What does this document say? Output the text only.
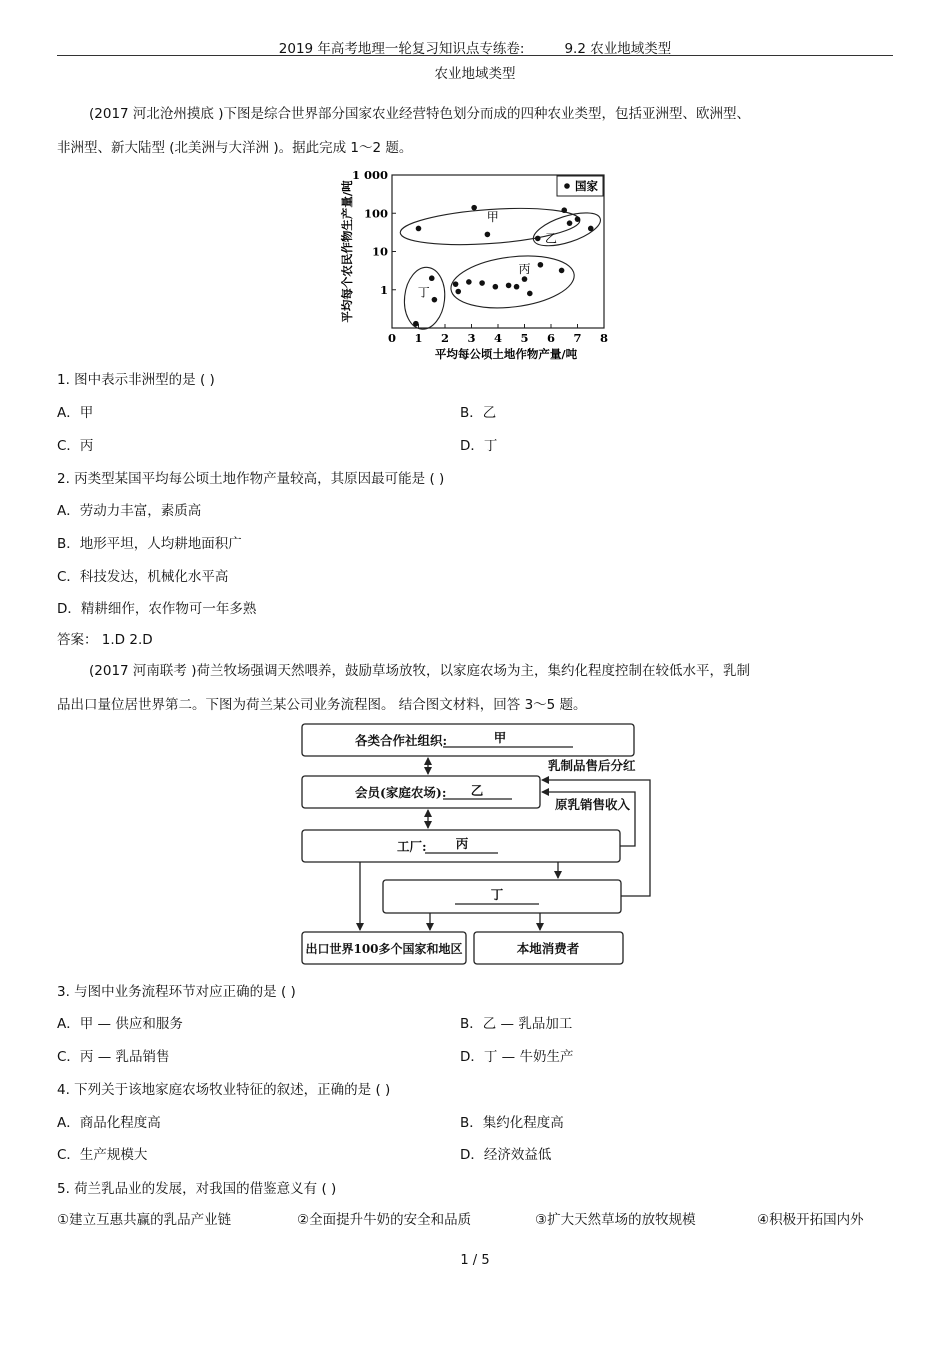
2019 年高考地理一轮复习知识点专练卷:	9.2 农业地域类型
农业地域类型
(2017 河北沧州摸底 )下图是综合世界部分国家农业经营特色划分而成的四种农业类型，包括亚洲型、欧洲型、
非洲型、新大陆型 (北美洲与大洋洲 )。据此完成 1～2 题。
0 1 2 3 4 5 6 7 8
1 000
100
10
1
平均每公顷土地作物产量/吨
平均每个农民作物生产量/吨	国家
甲
乙
丙
丁
1. 图中表示非洲型的是 ( )
A．甲	B．乙
C．丙	D．丁
2. 丙类型某国平均每公顷土地作物产量较高，其原因最可能是 ( )
A．劳动力丰富，素质高
B．地形平坦，人均耕地面积广
C．科技发达，机械化水平高
D．精耕细作，农作物可一年多熟
答案： 1.D 2.D
(2017 河南联考 )荷兰牧场强调天然喂养，鼓励草场放牧，以家庭农场为主，集约化程度控制在较低水平，乳制
品出口量位居世界第二。下图为荷兰某公司业务流程图。 结合图文材料，回答 3～5 题。
各类合作社组织:	甲
会员(家庭农场): 乙
工厂: 丙
丁
出口世界100多个国家和地区	本地消费者
乳制品售后分红
原乳销售收入
3. 与图中业务流程环节对应正确的是 ( )
A．甲 — 供应和服务	B．乙 — 乳品加工
C．丙 — 乳品销售	D．丁 — 牛奶生产
4. 下列关于该地家庭农场牧业特征的叙述，正确的是 ( )
A．商品化程度高	B．集约化程度高
C．生产规模大	D．经济效益低
5. 荷兰乳品业的发展，对我国的借鉴意义有 ( )
①建立互惠共赢的乳品产业链	②全面提升牛奶的安全和品质	③扩大天然草场的放牧规模	④积极开拓国内外
1 / 5
